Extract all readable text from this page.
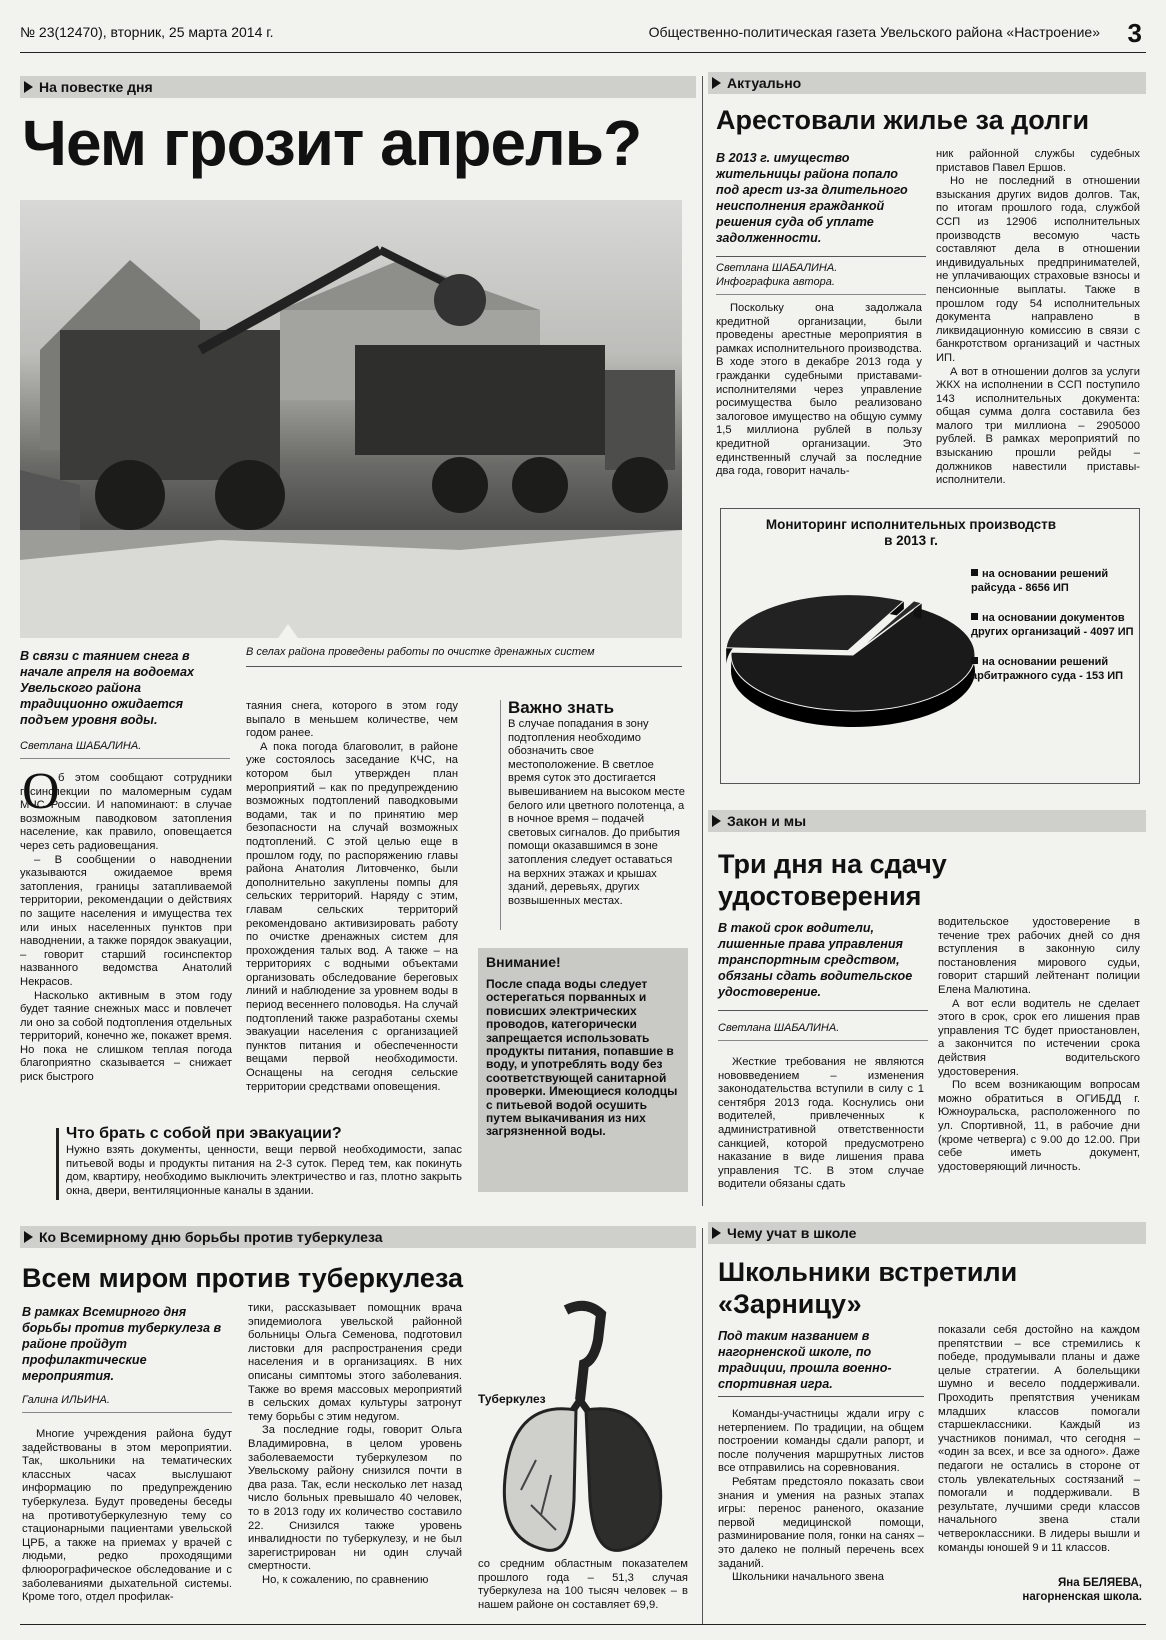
№ 23(12470), вторник, 25 марта 2014 г.	Общественно-политическая газета Увельского района «Настроение» 3
На повестке дня
Чем грозит апрель?

В связи с таянием снега в начале апреля на водоемах Увельского района традиционно ожидается подъем уровня воды.

В селах района проведены работы по очистке дренажных систем

Светлана ШАБАЛИНА.

О

б этом сообщают сотрудники госинспекции по маломерным судам МЧС России. И напоминают: в случае возможным паводковом затопления население, как правило, оповещается через сеть радиовещания.

– В сообщении о наводнении указываются ожидаемое время затопления, границы затапливаемой территории, рекомендации о действиях по защите населения и имущества тех или иных населенных пунктов при наводнении, а также порядок эвакуации, – говорит старший госинспектор названного ведомства Анатолий Некрасов.

Насколько активным в этом году будет таяние снежных масс и повлечет ли оно за собой подтопления отдельных территорий, конечно же, покажет время. Но пока не слишком теплая погода благоприятно сказывается – снижает риск быстрого

таяния снега, которого в этом году выпало в меньшем количестве, чем годом ранее.

А пока погода благоволит, в районе уже состоялось заседание КЧС, на котором был утвержден план мероприятий – как по предупреждению возможных подтоплений паводковыми водами, так и по принятию мер безопасности на случай возможных подтоплений. С этой целью еще в прошлом году, по распоряжению главы района Анатолия Литовченко, были дополнительно закуплены помпы для сельских территорий. Наряду с этим, главам сельских территорий рекомендовано активизировать работу по очистке дренажных систем для прохождения талых вод. А также – на территориях с водными объектами организовать обследование береговых линий и наблюдение за уровнем воды в период весеннего половодья. На случай подтоплений также разработаны схемы эвакуации населения с организацией пунктов питания и обеспеченности вещами первой необходимости. Оснащены на сегодня сельские территории средствами оповещения.

Важно знать
В случае попадания в зону подтопления необходимо обозначить свое местоположение. В светлое время суток это достигается вывешиванием на высоком месте белого или цветного полотенца, а в ночное время – подачей световых сигналов. До прибытия помощи оказавшимся в зоне затопления следует оставаться на верхних этажах и крышах зданий, деревьях, других возвышенных местах.
Внимание!
После спада воды следует остерегаться порванных и повисших электрических проводов, категорически запрещается использовать продукты питания, попавшие в воду, и употреблять воду без соответствующей санитарной проверки. Имеющиеся колодцы с питьевой водой осушить путем выкачивания из них загрязненной воды.
Что брать с собой при эвакуации?
Нужно взять документы, ценности, вещи первой необходимости, запас питьевой воды и продукты питания на 2-3 суток. Перед тем, как покинуть дом, квартиру, необходимо выключить электричество и газ, плотно закрыть окна, двери, вентиляционные каналы в здании.
Актуально
Арестовали жилье за долги

В 2013 г. имущество жительницы района попало под арест из-за длительного неисполнения гражданкой решения суда об уплате задолженности.

Светлана ШАБАЛИНА.

Инфографика автора.

Поскольку она задолжала кредитной организации, были проведены арестные мероприятия в рамках исполнительного производства. В ходе этого в декабре 2013 года у гражданки судебными приставами-исполнителями через управление росимущества было реализовано залоговое имущество на общую сумму 1,5 миллиона рублей в пользу кредитной организации. Это единственный случай за последние два года, говорит началь-

ник районной службы судебных приставов Павел Ершов.

Но не последний в отношении взыскания других видов долгов. Так, по итогам прошлого года, службой ССП из 12906 исполнительных производств весомую часть составляют дела в отношении индивидуальных предпринимателей, не уплачивающих страховые взносы и пенсионные выплаты. Также в прошлом году 54 исполнительных документа направлено в ликвидационную комиссию в связи с банкротством организаций и частных ИП.

А вот в отношении долгов за услуги ЖКХ на исполнении в ССП поступило 143 исполнительных документа: общая сумма долга составила без малого три миллиона – 2905000 рублей. В рамках мероприятий по взысканию прошли рейды – должников навестили приставы-исполнители.

Мониторинг исполнительных производств в 2013 г.
на основании решений райсуда - 8656 ИП
на основании документов других организаций - 4097 ИП
на основании решений арбитражного суда - 153 ИП
Закон и мы
Три дня на сдачу удостоверения

В такой срок водители, лишенные права управления транспортным средством, обязаны сдать водительское удостоверение.

Светлана ШАБАЛИНА.

Жесткие требования не являются нововведением – изменения законодательства вступили в силу с 1 сентября 2013 года. Коснулись они водителей, привлеченных к административной ответственности санкцией, которой предусмотрено наказание в виде лишения права управления ТС. В этом случае водители обязаны сдать

водительское удостоверение в течение трех рабочих дней со дня вступления в законную силу постановления мирового судьи, говорит старший лейтенант полиции Елена Малютина.

А вот если водитель не сделает этого в срок, срок его лишения прав управления ТС будет приостановлен, а закончится по истечении срока действия водительского удостоверения.

По всем возникающим вопросам можно обратиться в ОГИБДД г. Южноуральска, расположенного по ул. Спортивной, 11, в рабочие дни (кроме четверга) с 9.00 до 12.00. При себе иметь документ, удостоверяющий личность.

Ко Всемирному дню борьбы против туберкулеза
Всем миром против туберкулеза

В рамках Всемирного дня борьбы против туберкулеза в районе пройдут профилактические мероприятия.

Галина ИЛЬИНА.

Многие учреждения района будут задействованы в этом мероприятии. Так, школьники на тематических классных часах выслушают информацию по предупреждению туберкулеза. Будут проведены беседы на противотуберкулезную тему со стационарными пациентами увельской ЦРБ, а также на приемах у врачей с людьми, редко проходящими флюорографическое обследование и с заболеваниями дыхательной системы. Кроме того, отдел профилак-

тики, рассказывает помощник врача эпидемиолога увельской районной больницы Ольга Семенова, подготовил листовки для распространения среди населения и в организациях. В них описаны симптомы этого заболевания. Также во время массовых мероприятий в сельских домах культуры затронут тему борьбы с этим недугом.

За последние годы, говорит Ольга Владимировна, в целом уровень заболеваемости туберкулезом по Увельскому району снизился почти в два раза. Так, если несколько лет назад число больных превышало 40 человек, то в 2013 году их количество составило 22. Снизился также уровень инвалидности по туберкулезу, и не был зарегистрирован ни один случай смертности.

Но, к сожалению, по сравнению

Туберкулез
со средним областным показателем прошлого года – 51,3 случая туберкулеза на 100 тысяч человек – в нашем районе он составляет 69,9.
Чему учат в школе
Школьники встретили «Зарницу»

Под таким названием в нагорненской школе, по традиции, прошла военно-спортивная игра.

Команды-участницы ждали игру с нетерпением. По традиции, на общем построении команды сдали рапорт, и после получения маршрутных листов все отправились на соревнования.

Ребятам предстояло показать свои знания и умения на разных этапах игры: перенос раненого, оказание первой медицинской помощи, разминирование поля, гонки на санях – это далеко не полный перечень всех заданий.

Школьники начального звена

показали себя достойно на каждом препятствии – все стремились к победе, продумывали планы и даже целые стратегии. А болельщики шумно и весело поддерживали. Проходить препятствия ученикам младших классов помогали старшеклассники. Каждый из участников понимал, что сегодня – «один за всех, и все за одного». Даже педагоги не остались в стороне от столь увлекательных состязаний – помогали и поддерживали. В результате, лучшими среди классов начального звена стали четвероклассники. В лидеры вышли и команды юношей 9 и 11 классов.

Яна БЕЛЯЕВА,
нагорненская школа.
